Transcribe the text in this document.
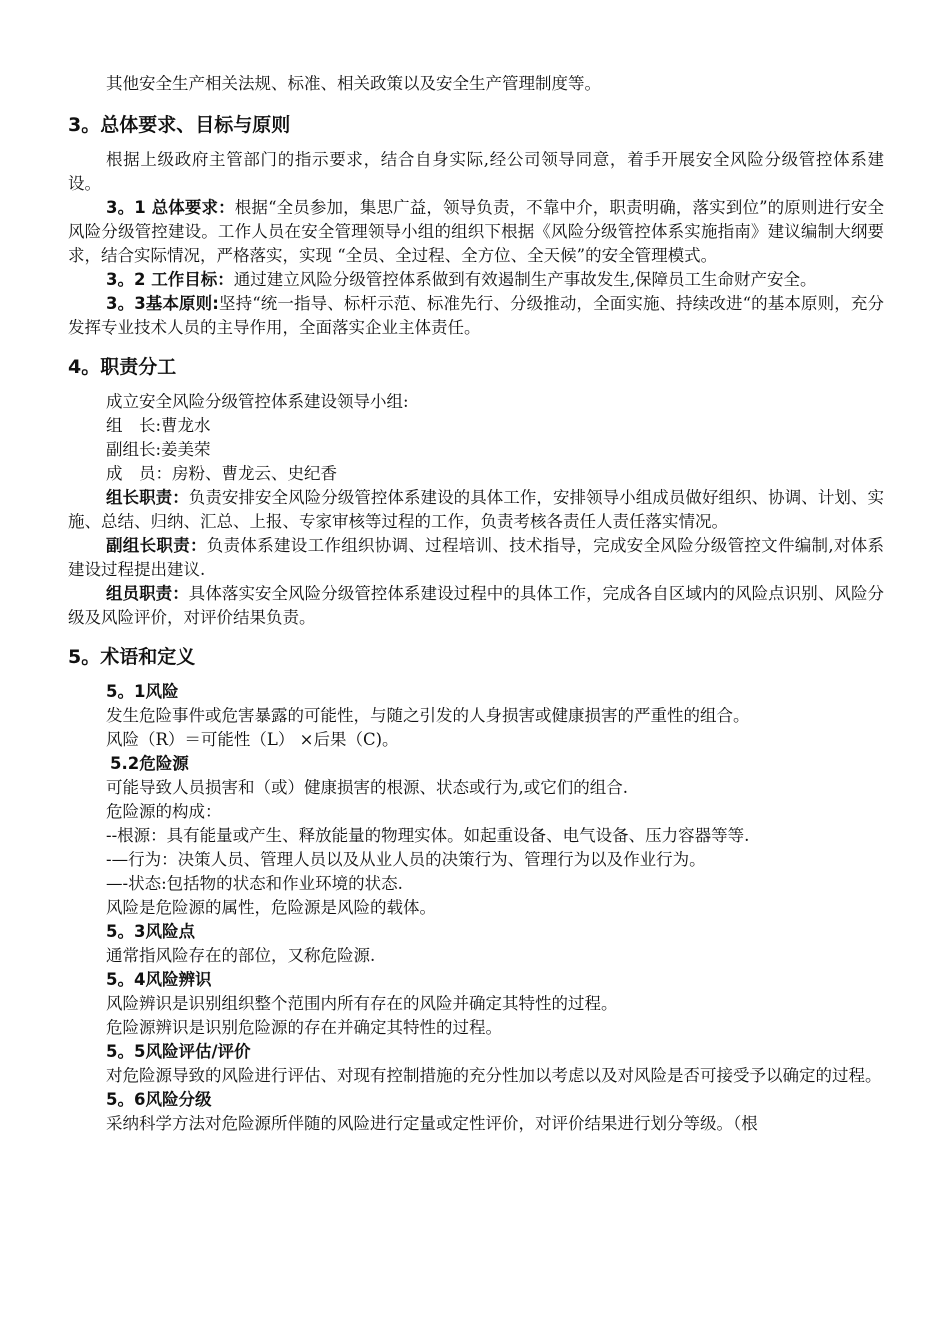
其他安全生产相关法规、标准、相关政策以及安全生产管理制度等。

3。总体要求、目标与原则

根据上级政府主管部门的指示要求，结合自身实际,经公司领导同意，着手开展安全风险分级管控体系建设。

3。1 总体要求：根据“全员参加，集思广益，领导负责，不靠中介，职责明确，落实到位”的原则进行安全风险分级管控建设。工作人员在安全管理领导小组的组织下根据《风险分级管控体系实施指南》建议编制大纲要求，结合实际情况，严格落实，实现 “全员、全过程、全方位、全天候”的安全管理模式。

3。2 工作目标：通过建立风险分级管控体系做到有效遏制生产事故发生,保障员工生命财产安全。

3。3基本原则:坚持“统一指导、标杆示范、标准先行、分级推动，全面实施、持续改进“的基本原则，充分发挥专业技术人员的主导作用，全面落实企业主体责任。

4。职责分工

成立安全风险分级管控体系建设领导小组:

组　长:曹龙水

副组长:姜美荣

成　员：房粉、曹龙云、史纪香

组长职责：负责安排安全风险分级管控体系建设的具体工作，安排领导小组成员做好组织、协调、计划、实施、总结、归纳、汇总、上报、专家审核等过程的工作，负责考核各责任人责任落实情况。

副组长职责：负责体系建设工作组织协调、过程培训、技术指导，完成安全风险分级管控文件编制,对体系建设过程提出建议.

组员职责：具体落实安全风险分级管控体系建设过程中的具体工作，完成各自区域内的风险点识别、风险分级及风险评价，对评价结果负责。

5。术语和定义

5。1风险

发生危险事件或危害暴露的可能性，与随之引发的人身损害或健康损害的严重性的组合。

风险（R）＝可能性（L） ×后果（C)。

5.2危险源

可能导致人员损害和（或）健康损害的根源、状态或行为,或它们的组合.

危险源的构成：

--根源：具有能量或产生、释放能量的物理实体。如起重设备、电气设备、压力容器等等.

-—行为：决策人员、管理人员以及从业人员的决策行为、管理行为以及作业行为。

—-状态:包括物的状态和作业环境的状态.

风险是危险源的属性，危险源是风险的载体。

5。3风险点

通常指风险存在的部位，又称危险源.

5。4风险辨识

风险辨识是识别组织整个范围内所有存在的风险并确定其特性的过程。

危险源辨识是识别危险源的存在并确定其特性的过程。

5。5风险评估/评价

对危险源导致的风险进行评估、对现有控制措施的充分性加以考虑以及对风险是否可接受予以确定的过程。

5。6风险分级

采纳科学方法对危险源所伴随的风险进行定量或定性评价，对评价结果进行划分等级。（根
